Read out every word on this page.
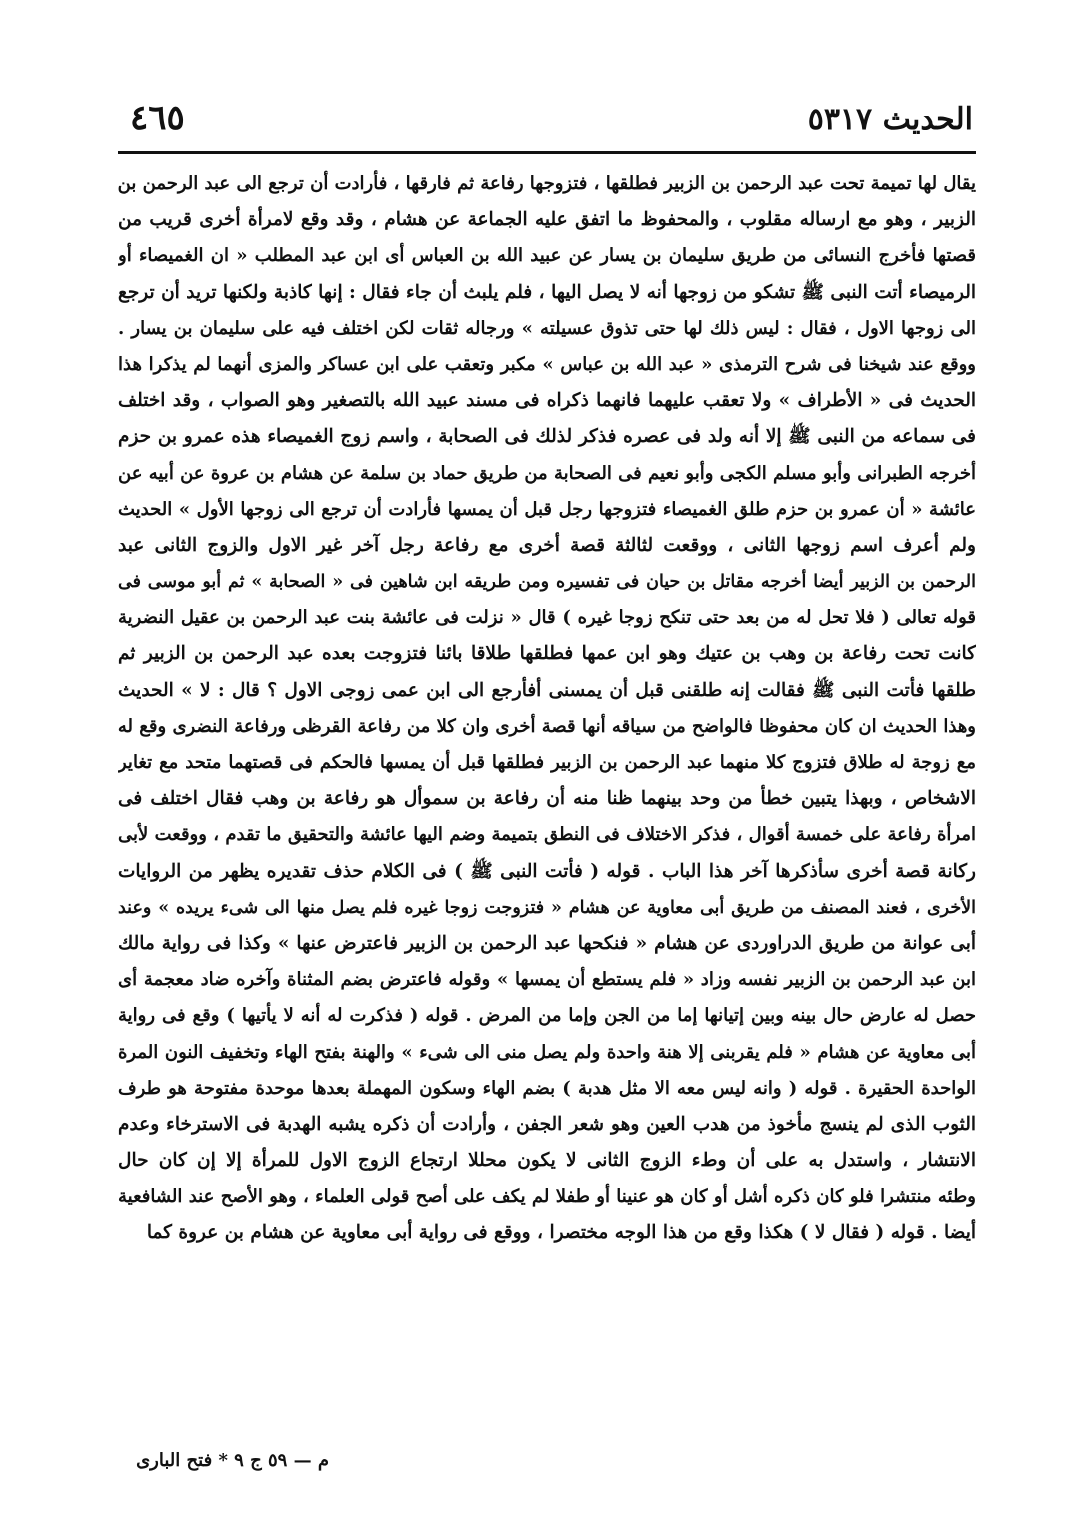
الحديث ٥٣١٧
٤٦٥
يقال لها تميمة تحت عبد الرحمن بن الزبير فطلقها ، فتزوجها رفاعة ثم فارقها ، فأرادت أن ترجع الى عبد الرحمن بن
الزبير ، وهو مع ارساله مقلوب ، والمحفوظ ما اتفق عليه الجماعة عن هشام ، وقد وقع لامرأة أخرى قريب من
قصتها فأخرج النسائى من طريق سليمان بن يسار عن عبيد الله بن العباس أى ابن عبد المطلب « ان الغميصاء أو
الرميصاء أتت النبى ﷺ تشكو من زوجها أنه لا يصل اليها ، فلم يلبث أن جاء فقال : إنها كاذبة ولكنها تريد أن ترجع
الى زوجها الاول ، فقال : ليس ذلك لها حتى تذوق عسيلته » ورجاله ثقات لكن اختلف فيه على سليمان بن يسار .
ووقع عند شيخنا فى شرح الترمذى « عبد الله بن عباس » مكبر وتعقب على ابن عساكر والمزى أنهما لم يذكرا هذا
الحديث فى « الأطراف » ولا تعقب عليهما فانهما ذكراه فى مسند عبيد الله بالتصغير وهو الصواب ، وقد اختلف
فى سماعه من النبى ﷺ إلا أنه ولد فى عصره فذكر لذلك فى الصحابة ، واسم زوج الغميصاء هذه عمرو بن حزم
أخرجه الطبرانى وأبو مسلم الكجى وأبو نعيم فى الصحابة من طريق حماد بن سلمة عن هشام بن عروة عن أبيه عن
عائشة « أن عمرو بن حزم طلق الغميصاء فتزوجها رجل قبل أن يمسها فأرادت أن ترجع الى زوجها الأول » الحديث
ولم أعرف اسم زوجها الثانى ، ووقعت لثالثة قصة أخرى مع رفاعة رجل آخر غير الاول والزوج الثانى عبد
الرحمن بن الزبير أيضا أخرجه مقاتل بن حيان فى تفسيره ومن طريقه ابن شاهين فى « الصحابة » ثم أبو موسى فى
قوله تعالى ( فلا تحل له من بعد حتى تنكح زوجا غيره ) قال « نزلت فى عائشة بنت عبد الرحمن بن عقيل النضرية
كانت تحت رفاعة بن وهب بن عتيك وهو ابن عمها فطلقها طلاقا بائنا فتزوجت بعده عبد الرحمن بن الزبير ثم
طلقها فأتت النبى ﷺ فقالت إنه طلقنى قبل أن يمسنى أفأرجع الى ابن عمى زوجى الاول ؟ قال : لا » الحديث
وهذا الحديث ان كان محفوظا فالواضح من سياقه أنها قصة أخرى وان كلا من رفاعة القرظى ورفاعة النضرى وقع له
مع زوجة له طلاق فتزوج كلا منهما عبد الرحمن بن الزبير فطلقها قبل أن يمسها فالحكم فى قصتهما متحد مع تغاير
الاشخاص ، وبهذا يتبين خطأ من وحد بينهما ظنا منه أن رفاعة بن سموأل هو رفاعة بن وهب فقال اختلف فى
امرأة رفاعة على خمسة أقوال ، فذكر الاختلاف فى النطق بتميمة وضم اليها عائشة والتحقيق ما تقدم ، ووقعت لأبى
ركانة قصة أخرى سأذكرها آخر هذا الباب . قوله ( فأتت النبى ﷺ ) فى الكلام حذف تقديره يظهر من الروايات
الأخرى ، فعند المصنف من طريق أبى معاوية عن هشام « فتزوجت زوجا غيره فلم يصل منها الى شىء يريده » وعند
أبى عوانة من طريق الدراوردى عن هشام « فنكحها عبد الرحمن بن الزبير فاعترض عنها » وكذا فى رواية مالك
ابن عبد الرحمن بن الزبير نفسه وزاد « فلم يستطع أن يمسها » وقوله فاعترض بضم المثناة وآخره ضاد معجمة أى
حصل له عارض حال بينه وبين إتيانها إما من الجن وإما من المرض . قوله ( فذكرت له أنه لا يأتيها ) وقع فى رواية
أبى معاوية عن هشام « فلم يقربنى إلا هنة واحدة ولم يصل منى الى شىء » والهنة بفتح الهاء وتخفيف النون المرة
الواحدة الحقيرة . قوله ( وانه ليس معه الا مثل هدبة ) بضم الهاء وسكون المهملة بعدها موحدة مفتوحة هو طرف
الثوب الذى لم ينسج مأخوذ من هدب العين وهو شعر الجفن ، وأرادت أن ذكره يشبه الهدبة فى الاسترخاء وعدم
الانتشار ، واستدل به على أن وطء الزوج الثانى لا يكون محللا ارتجاع الزوج الاول للمرأة إلا إن كان حال
وطئه منتشرا فلو كان ذكره أشل أو كان هو عنينا أو طفلا لم يكف على أصح قولى العلماء ، وهو الأصح عند الشافعية
أيضا . قوله ( فقال لا ) هكذا وقع من هذا الوجه مختصرا ، ووقع فى رواية أبى معاوية عن هشام بن عروة كما
م — ٥٩ ج ٩ * فتح البارى
